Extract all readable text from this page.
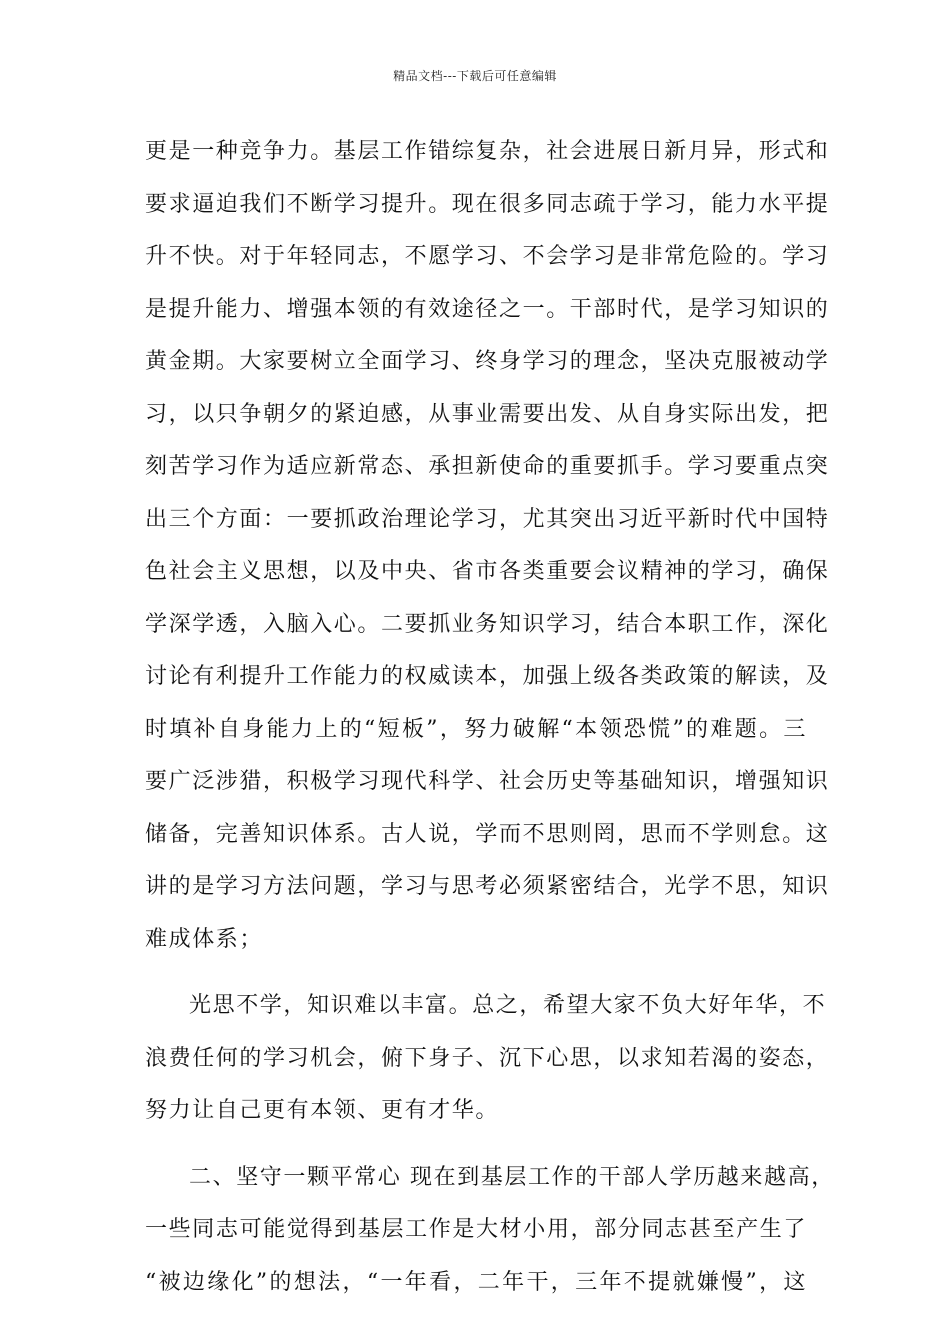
精品文档---下载后可任意编辑
更是一种竞争力。基层工作错综复杂，社会进展日新月异，形式和
要求逼迫我们不断学习提升。现在很多同志疏于学习，能力水平提
升不快。对于年轻同志，不愿学习、不会学习是非常危险的。学习
是提升能力、增强本领的有效途径之一。干部时代，是学习知识的
黄金期。大家要树立全面学习、终身学习的理念，坚决克服被动学
习，以只争朝夕的紧迫感，从事业需要出发、从自身实际出发，把
刻苦学习作为适应新常态、承担新使命的重要抓手。学习要重点突
出三个方面：一要抓政治理论学习，尤其突出习近平新时代中国特
色社会主义思想，以及中央、省市各类重要会议精神的学习，确保
学深学透，入脑入心。二要抓业务知识学习，结合本职工作，深化
讨论有利提升工作能力的权威读本，加强上级各类政策的解读，及
时填补自身能力上的“短板”，努力破解“本领恐慌”的难题。三
要广泛涉猎，积极学习现代科学、社会历史等基础知识，增强知识
储备，完善知识体系。古人说，学而不思则罔，思而不学则怠。这
讲的是学习方法问题，学习与思考必须紧密结合，光学不思，知识
难成体系；
光思不学，知识难以丰富。总之，希望大家不负大好年华，不
浪费任何的学习机会，俯下身子、沉下心思，以求知若渴的姿态，
努力让自己更有本领、更有才华。
二、坚守一颗平常心 现在到基层工作的干部人学历越来越高，
一些同志可能觉得到基层工作是大材小用，部分同志甚至产生了
“被边缘化”的想法，“一年看，二年干，三年不提就嫌慢”，这
